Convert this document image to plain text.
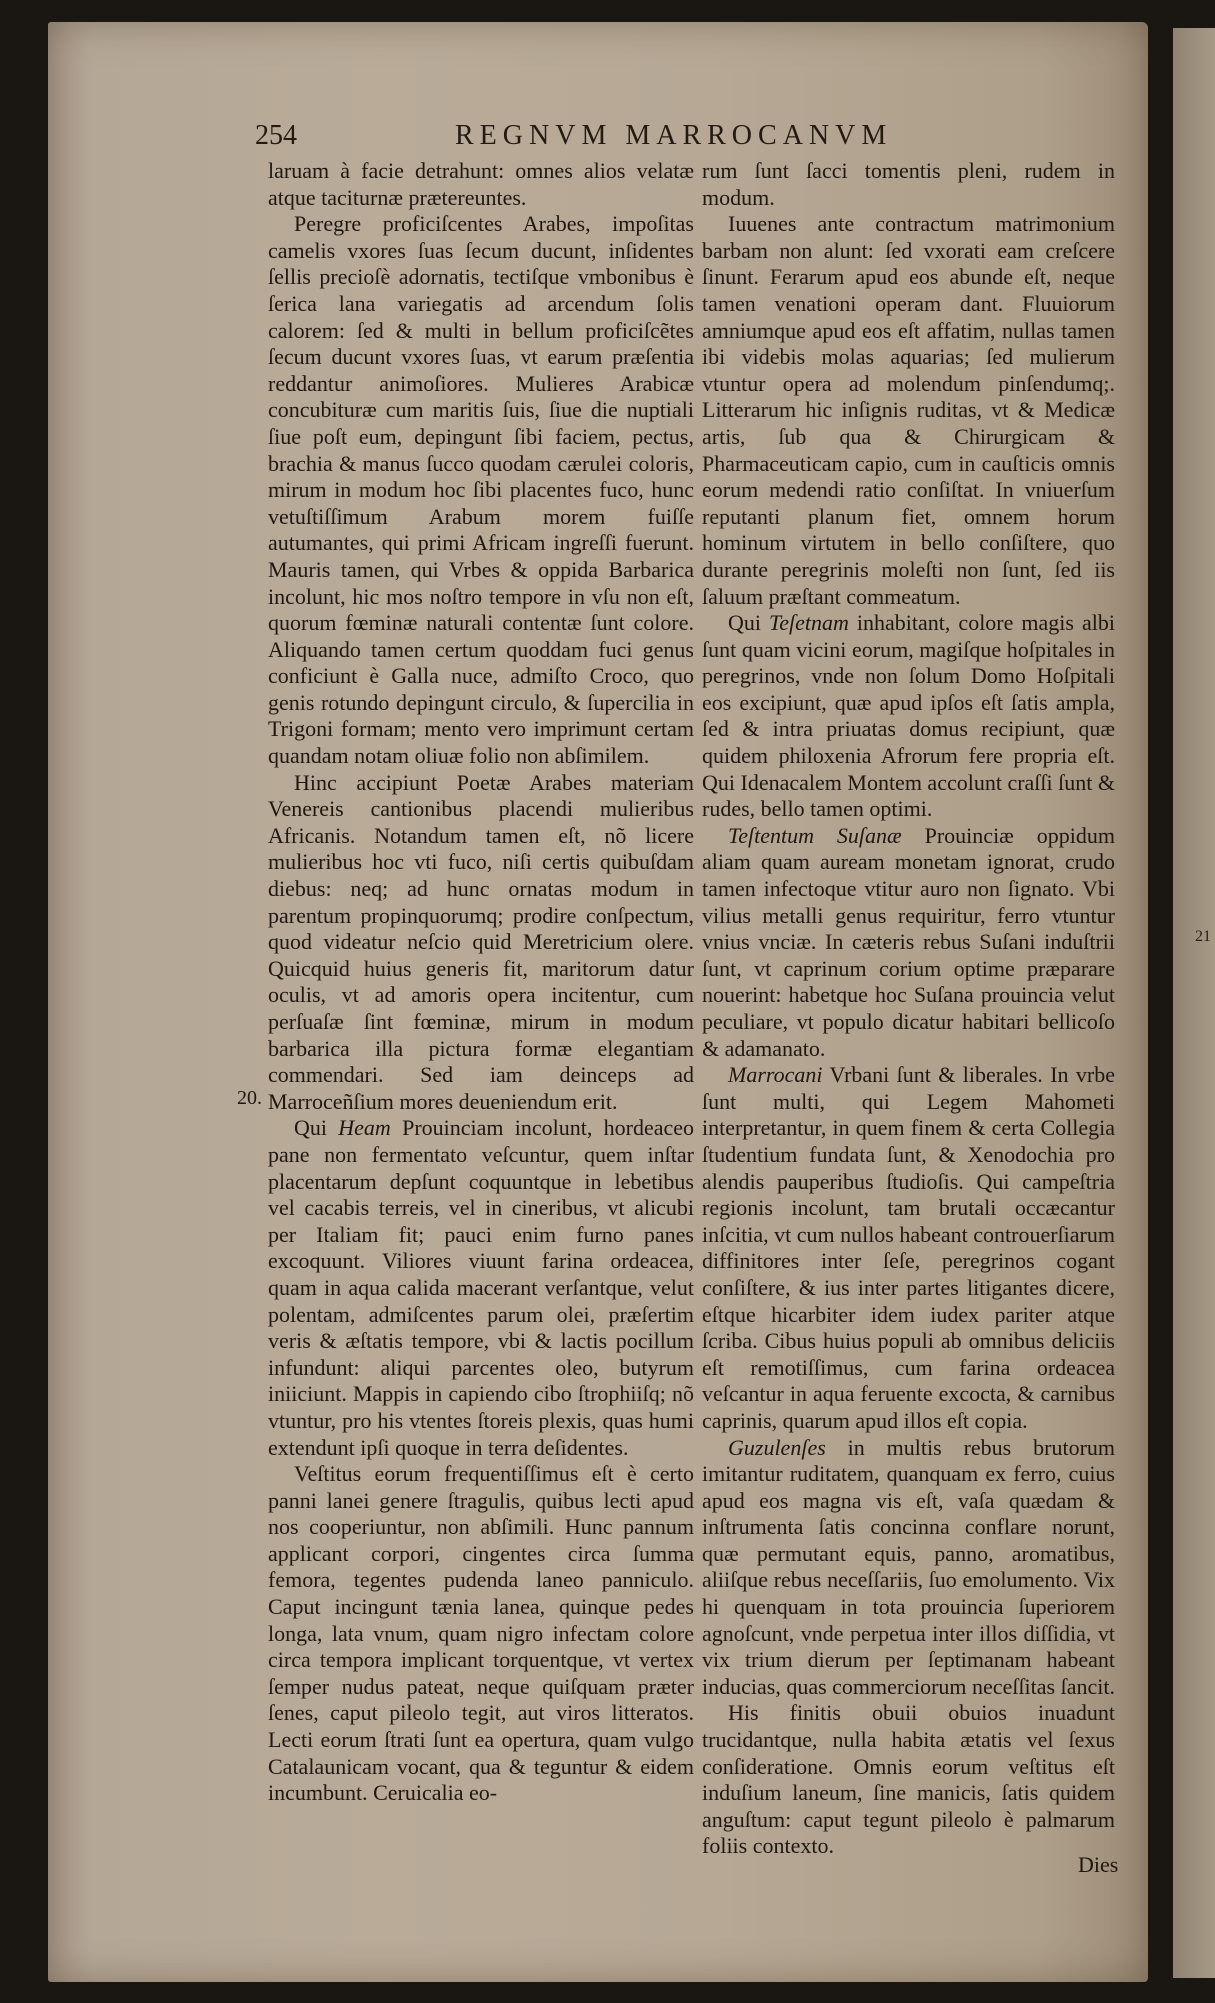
21
254	REGNVM MARROCANVM

laruam à facie detrahunt: omnes alios velatæ atque taciturnæ prætereuntes.

Peregre proficiſcentes Arabes, impoſitas camelis vxores ſuas ſecum ducunt, inſidentes ſellis precioſè adornatis, tectiſque vmbonibus è ſerica lana variegatis ad arcendum ſolis calorem: ſed & multi in bellum proficiſcẽtes ſecum ducunt vxores ſuas, vt earum præſentia reddantur animoſiores. Mulieres Arabicæ concubituræ cum maritis ſuis, ſiue die nuptiali ſiue poſt eum, depingunt ſibi faciem, pectus, brachia & manus ſucco quodam cærulei coloris, mirum in modum hoc ſibi placentes fuco, hunc vetuſtiſſimum Arabum morem fuiſſe autumantes, qui primi Africam ingreſſi fuerunt. Mauris tamen, qui Vrbes & oppida Barbarica incolunt, hic mos noſtro tempore in vſu non eſt, quorum fœminæ naturali contentæ ſunt colore. Aliquando tamen certum quoddam fuci genus conficiunt è Galla nuce, admiſto Croco, quo genis rotundo depingunt circulo, & ſupercilia in Trigoni formam; mento vero imprimunt certam quandam notam oliuæ folio non abſimilem.

Hinc accipiunt Poetæ Arabes materiam Venereis cantionibus placendi mulieribus Africanis. Notandum tamen eſt, nõ licere mulieribus hoc vti fuco, niſi certis quibuſdam diebus: neq; ad hunc ornatas modum in parentum propinquorumq; prodire conſpectum, quod videatur neſcio quid Meretricium olere. Quicquid huius generis fit, maritorum datur oculis, vt ad amoris opera incitentur, cum perſuaſæ ſint fœminæ, mirum in modum barbarica illa pictura formæ elegantiam commendari. Sed iam deinceps ad Marroceñſium mores deueniendum erit.

Qui Heam Prouinciam incolunt, hordeaceo pane non fermentato veſcuntur, quem inſtar placentarum depſunt coquuntque in lebetibus vel cacabis terreis, vel in cineribus, vt alicubi per Italiam fit; pauci enim furno panes excoquunt. Viliores viuunt farina ordeacea, quam in aqua calida macerant verſantque, velut polentam, admiſcentes parum olei, præſertim veris & æſtatis tempore, vbi & lactis pocillum infundunt: aliqui parcentes oleo, butyrum iniiciunt. Mappis in capiendo cibo ſtrophiiſq; nõ vtuntur, pro his vtentes ſtoreis plexis, quas humi extendunt ipſi quoque in terra deſidentes.

Veſtitus eorum frequentiſſimus eſt è certo panni lanei genere ſtragulis, quibus lecti apud nos cooperiuntur, non abſimili. Hunc pannum applicant corpori, cingentes circa ſumma femora, tegentes pudenda laneo panniculo. Caput incingunt tænia lanea, quinque pedes longa, lata vnum, quam nigro infectam colore circa tempora implicant torquentque, vt vertex ſemper nudus pateat, neque quiſquam præter ſenes, caput pileolo tegit, aut viros litteratos. Lecti eorum ſtrati ſunt ea opertura, quam vulgo Catalaunicam vocant, qua & teguntur & eidem incumbunt. Ceruicalia eo-

20.

rum ſunt ſacci tomentis pleni, rudem in modum.

Iuuenes ante contractum matrimonium barbam non alunt: ſed vxorati eam creſcere ſinunt. Ferarum apud eos abunde eſt, neque tamen venationi operam dant. Fluuiorum amniumque apud eos eſt affatim, nullas tamen ibi videbis molas aquarias; ſed mulierum vtuntur opera ad molendum pinſendumq;. Litterarum hic inſignis ruditas, vt & Medicæ artis, ſub qua & Chirurgicam & Pharmaceuticam capio, cum in cauſticis omnis eorum medendi ratio conſiſtat. In vniuerſum reputanti planum fiet, omnem horum hominum virtutem in bello conſiſtere, quo durante peregrinis moleſti non ſunt, ſed iis ſaluum præſtant commeatum.

Qui Teſetnam inhabitant, colore magis albi ſunt quam vicini eorum, magiſque hoſpitales in peregrinos, vnde non ſolum Domo Hoſpitali eos excipiunt, quæ apud ipſos eſt ſatis ampla, ſed & intra priuatas domus recipiunt, quæ quidem philoxenia Afrorum fere propria eſt. Qui Idenacalem Montem accolunt craſſi ſunt & rudes, bello tamen optimi.

Teſtentum Suſanæ Prouinciæ oppidum aliam quam auream monetam ignorat, crudo tamen infectoque vtitur auro non ſignato. Vbi vilius metalli genus requiritur, ferro vtuntur vnius vnciæ. In cæteris rebus Suſani induſtrii ſunt, vt caprinum corium optime præparare nouerint: habetque hoc Suſana prouincia velut peculiare, vt populo dicatur habitari bellicoſo & adamanato.

Marrocani Vrbani ſunt & liberales. In vrbe ſunt multi, qui Legem Mahometi interpretantur, in quem finem & certa Collegia ſtudentium fundata ſunt, & Xenodochia pro alendis pauperibus ſtudioſis. Qui campeſtria regionis incolunt, tam brutali occæcantur inſcitia, vt cum nullos habeant controuerſiarum diffinitores inter ſeſe, peregrinos cogant conſiſtere, & ius inter partes litigantes dicere, eſtque hicarbiter idem iudex pariter atque ſcriba. Cibus huius populi ab omnibus deliciis eſt remotiſſimus, cum farina ordeacea veſcantur in aqua feruente excocta, & carnibus caprinis, quarum apud illos eſt copia.

Guzulenſes in multis rebus brutorum imitantur ruditatem, quanquam ex ferro, cuius apud eos magna vis eſt, vaſa quædam & inſtrumenta ſatis concinna conflare norunt, quæ permutant equis, panno, aromatibus, aliiſque rebus neceſſariis, ſuo emolumento. Vix hi quenquam in tota prouincia ſuperiorem agnoſcunt, vnde perpetua inter illos diſſidia, vt vix trium dierum per ſeptimanam habeant inducias, quas commerciorum neceſſitas ſancit.

His finitis obuii obuios inuadunt trucidantque, nulla habita ætatis vel ſexus conſideratione. Omnis eorum veſtitus eſt induſium laneum, ſine manicis, ſatis quidem anguſtum: caput tegunt pileolo è palmarum foliis contexto.

Dies
